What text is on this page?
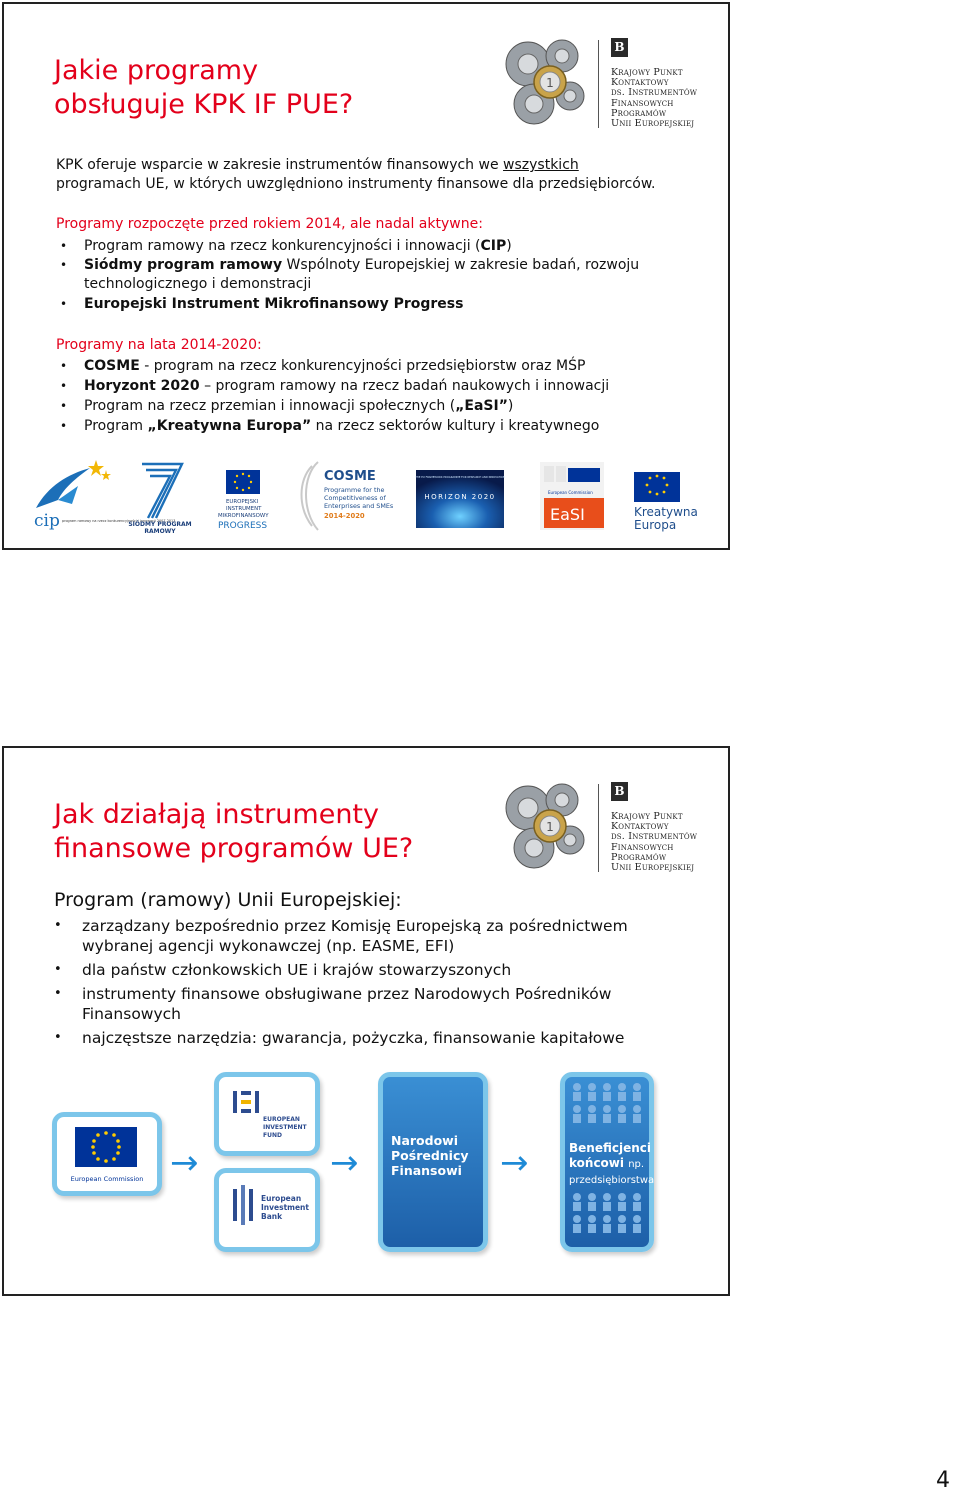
Jakie programy
obsługuje KPK IF PUE?
1
B
Krajowy Punkt
Kontaktowy
ds. Instrumentów
Finansowych
Programów
Unii Europejskiej

KPK oferuje wsparcie w zakresie instrumentów finansowych we wszystkich
programach UE, w których uwzględniono instrumenty finansowe dla przedsiębiorców.

Programy rozpoczęte przed rokiem 2014, ale nadal aktywne:

• Program ramowy na rzecz konkurencyjności i innowacji (CIP)
• Siódmy program ramowy Wspólnoty Europejskiej w zakresie badań, rozwoju technologicznego i demonstracji
• Europejski Instrument Mikrofinansowy Progress

Programy na lata 2014-2020:

• COSME - program na rzecz konkurencyjności przedsiębiorstw oraz MŚP
• Horyzont 2020 – program ramowy na rzecz badań naukowych i innowacji
• Program na rzecz przemian i innowacji społecznych („EaSI”)
• Program „Kreatywna Europa” na rzecz sektorów kultury i kreatywnego
cip program ramowy na rzecz konkurencyjności i innowacji 2007-2013
SIÓDMY PROGRAM
RAMOWY
EUROPEJSKI
INSTRUMENT
MIKROFINANSOWY
PROGRESS
COSME
Programme for the
Competitiveness of
Enterprises and SMEs
2014-2020
THE EU FRAMEWORK PROGRAMME FOR RESEARCH AND INNOVATION
HORIZON 2020
European Commission
EaSI	Kreatywna
Europa
Jak działają instrumenty
finansowe programów UE?
1
B
Krajowy Punkt
Kontaktowy
ds. Instrumentów
Finansowych
Programów
Unii Europejskiej
Program (ramowy) Unii Europejskiej:
• zarządzany bezpośrednio przez Komisję Europejską za pośrednictwem wybranej agencji wykonawczej (np. EASME, EFI)
• dla państw członkowskich UE i krajów stowarzyszonych
• instrumenty finansowe obsługiwane przez Narodowych Pośredników Finansowych
• najczęstsze narzędzia: gwarancja, pożyczka, finansowanie kapitałowe
European Commission →
EUROPEAN
INVESTMENT
FUND
European
Investment
Bank
→
Narodowi
Pośrednicy
Finansowi →	Beneficjenci
końcowi np.
przedsiębiorstwa
4
